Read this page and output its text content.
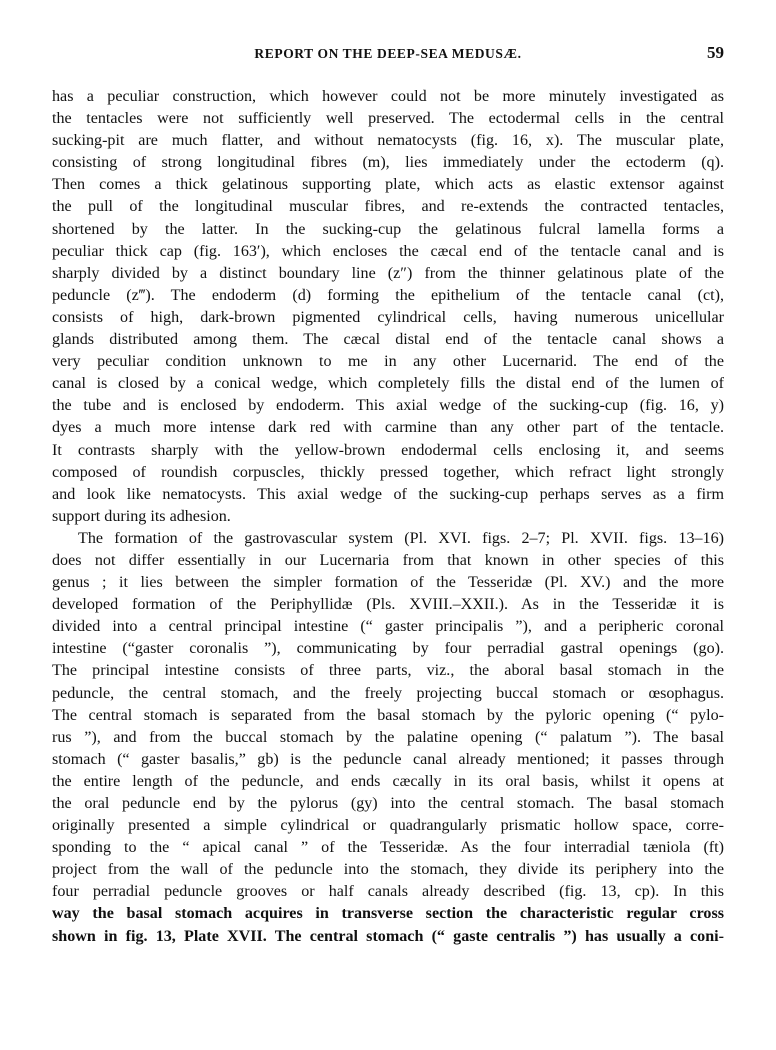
REPORT ON THE DEEP-SEA MEDUSÆ.	59

has a peculiar construction, which however could not be more minutely investigated as

the tentacles were not sufficiently well preserved. The ectodermal cells in the central

sucking-pit are much flatter, and without nematocysts (fig. 16, x). The muscular plate,

consisting of strong longitudinal fibres (m), lies immediately under the ectoderm (q).

Then comes a thick gelatinous supporting plate, which acts as elastic extensor against

the pull of the longitudinal muscular fibres, and re-extends the contracted tentacles,

shortened by the latter. In the sucking-cup the gelatinous fulcral lamella forms a

peculiar thick cap (fig. 163′), which encloses the cæcal end of the tentacle canal and is

sharply divided by a distinct boundary line (z″) from the thinner gelatinous plate of the

peduncle (z‴). The endoderm (d) forming the epithelium of the tentacle canal (ct),

consists of high, dark-brown pigmented cylindrical cells, having numerous unicellular

glands distributed among them. The cæcal distal end of the tentacle canal shows a

very peculiar condition unknown to me in any other Lucernarid. The end of the

canal is closed by a conical wedge, which completely fills the distal end of the lumen of

the tube and is enclosed by endoderm. This axial wedge of the sucking-cup (fig. 16, y)

dyes a much more intense dark red with carmine than any other part of the tentacle.

It contrasts sharply with the yellow-brown endodermal cells enclosing it, and seems

composed of roundish corpuscles, thickly pressed together, which refract light strongly

and look like nematocysts. This axial wedge of the sucking-cup perhaps serves as a firm

support during its adhesion.

The formation of the gastrovascular system (Pl. XVI. figs. 2–7; Pl. XVII. figs. 13–16)

does not differ essentially in our Lucernaria from that known in other species of this

genus ; it lies between the simpler formation of the Tesseridæ (Pl. XV.) and the more

developed formation of the Periphyllidæ (Pls. XVIII.–XXII.). As in the Tesseridæ it is

divided into a central principal intestine (“ gaster principalis ”), and a peripheric coronal

intestine (“gaster coronalis ”), communicating by four perradial gastral openings (go).

The principal intestine consists of three parts, viz., the aboral basal stomach in the

peduncle, the central stomach, and the freely projecting buccal stomach or œsophagus.

The central stomach is separated from the basal stomach by the pyloric opening (“ pylo-

rus ”), and from the buccal stomach by the palatine opening (“ palatum ”). The basal

stomach (“ gaster basalis,” gb) is the peduncle canal already mentioned; it passes through

the entire length of the peduncle, and ends cæcally in its oral basis, whilst it opens at

the oral peduncle end by the pylorus (gy) into the central stomach. The basal stomach

originally presented a simple cylindrical or quadrangularly prismatic hollow space, corre-

sponding to the “ apical canal ” of the Tesseridæ. As the four interradial tæniola (ft)

project from the wall of the peduncle into the stomach, they divide its periphery into the

four perradial peduncle grooves or half canals already described (fig. 13, cp). In this

way the basal stomach acquires in transverse section the characteristic regular cross

shown in fig. 13, Plate XVII. The central stomach (“ gaste centralis ”) has usually a coni-
